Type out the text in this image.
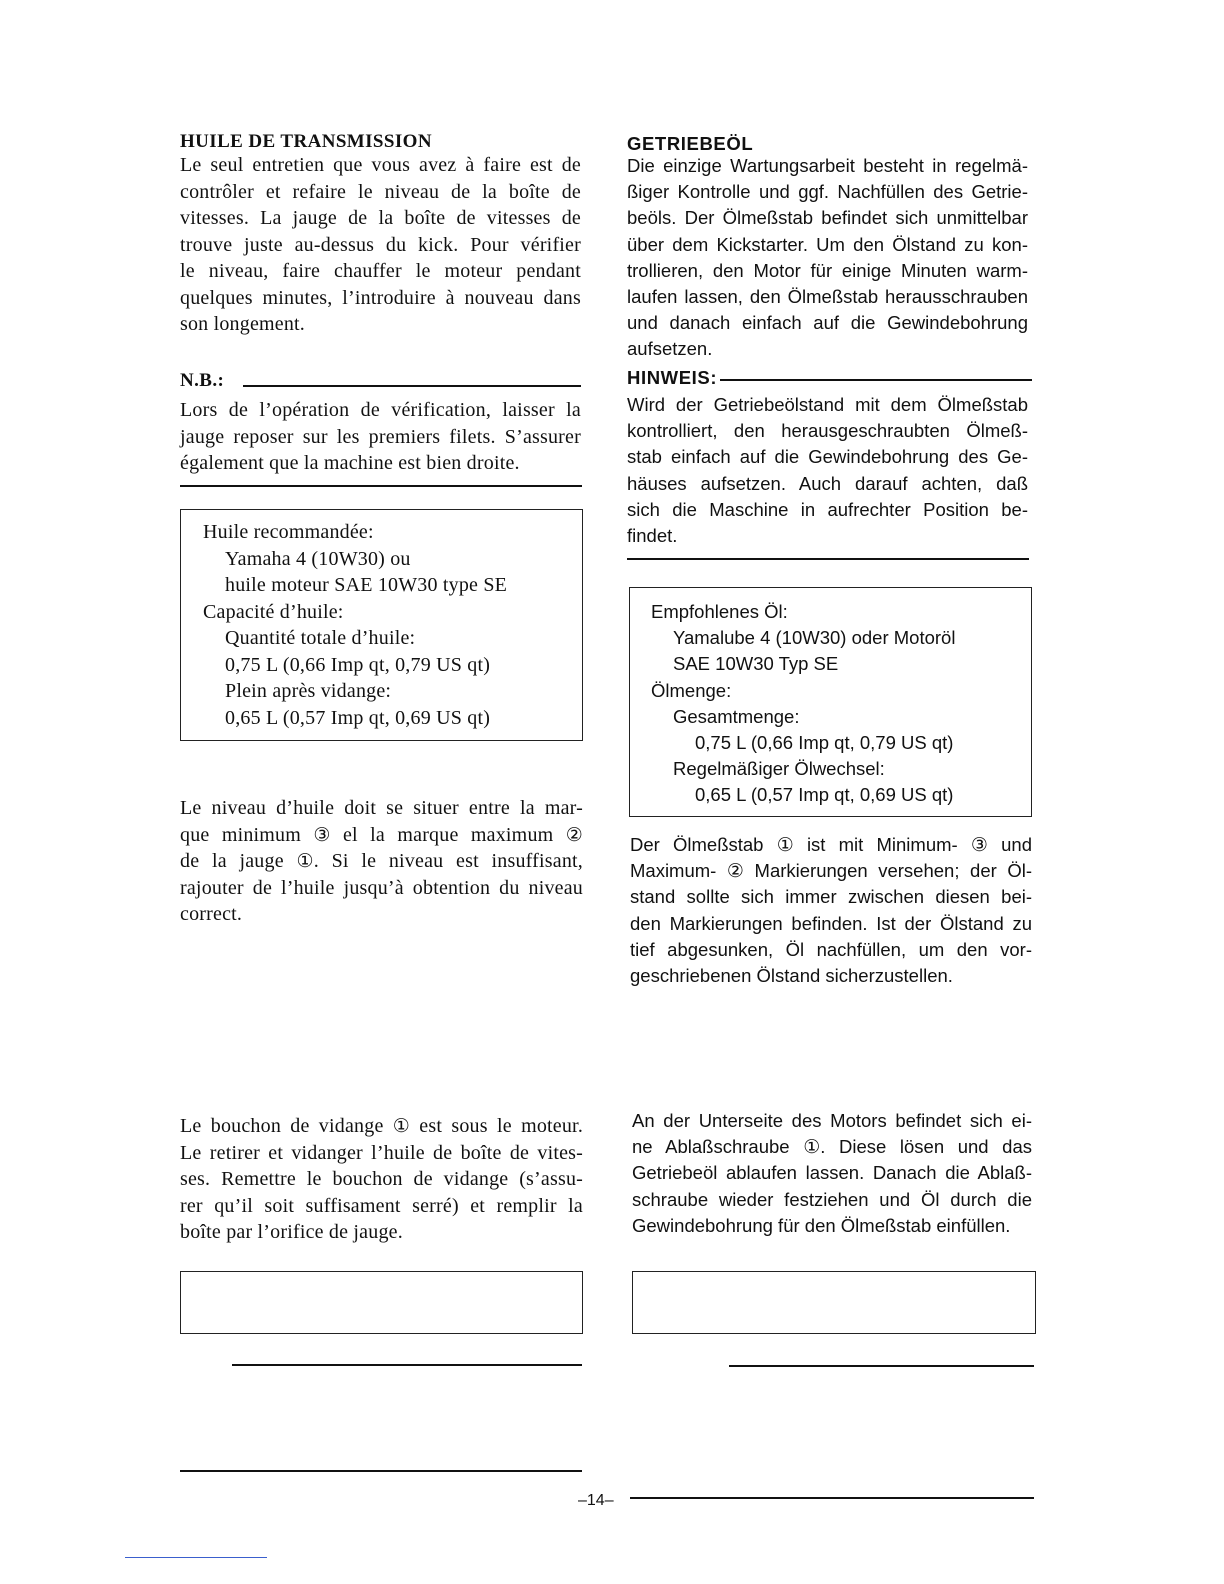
HUILE DE TRANSMISSION
Le seul entretien que vous avez à faire est de
contrôler et refaire le niveau de la boîte de
vitesses. La jauge de la boîte de vitesses de
trouve juste au-dessus du kick. Pour vérifier
le niveau, faire chauffer le moteur pendant
quelques minutes, l’introduire à nouveau dans
son longement.
N.B.:
Lors de l’opération de vérification, laisser la
jauge reposer sur les premiers filets. S’assurer
également que la machine est bien droite.
Huile recommandée:
Yamaha 4 (10W30) ou
huile moteur SAE 10W30 type SE
Capacité d’huile:
Quantité totale d’huile:
0,75 L (0,66 Imp qt, 0,79 US qt)
Plein après vidange:
0,65 L (0,57 Imp qt, 0,69 US qt)
Le niveau d’huile doit se situer entre la mar-
que minimum ③ el la marque maximum ②
de la jauge ①. Si le niveau est insuffisant,
rajouter de l’huile jusqu’à obtention du niveau
correct.
Le bouchon de vidange ① est sous le moteur.
Le retirer et vidanger l’huile de boîte de vites-
ses. Remettre le bouchon de vidange (s’assu-
rer qu’il soit suffisament serré) et remplir la
boîte par l’orifice de jauge.
GETRIEBEÖL
Die einzige Wartungsarbeit besteht in regelmä-
ßiger Kontrolle und ggf. Nachfüllen des Getrie-
beöls. Der Ölmeßstab befindet sich unmittelbar
über dem Kickstarter. Um den Ölstand zu kon-
trollieren, den Motor für einige Minuten warm-
laufen lassen, den Ölmeßstab herausschrauben
und danach einfach auf die Gewindebohrung
aufsetzen.
HINWEIS:
Wird der Getriebeölstand mit dem Ölmeßstab
kontrolliert, den herausgeschraubten Ölmeß-
stab einfach auf die Gewindebohrung des Ge-
häuses aufsetzen. Auch darauf achten, daß
sich die Maschine in aufrechter Position be-
findet.
Empfohlenes Öl:
Yamalube 4 (10W30) oder Motoröl
SAE 10W30 Typ SE
Ölmenge:
Gesamtmenge:
0,75 L (0,66 Imp qt, 0,79 US qt)
Regelmäßiger Ölwechsel:
0,65 L (0,57 Imp qt, 0,69 US qt)
Der Ölmeßstab ① ist mit Minimum- ③ und
Maximum- ② Markierungen versehen; der Öl-
stand sollte sich immer zwischen diesen bei-
den Markierungen befinden. Ist der Ölstand zu
tief abgesunken, Öl nachfüllen, um den vor-
geschriebenen Ölstand sicherzustellen.
An der Unterseite des Motors befindet sich ei-
ne Ablaßschraube ①. Diese lösen und das
Getriebeöl ablaufen lassen. Danach die Ablaß-
schraube wieder festziehen und Öl durch die
Gewindebohrung für den Ölmeßstab einfüllen.
–14–
